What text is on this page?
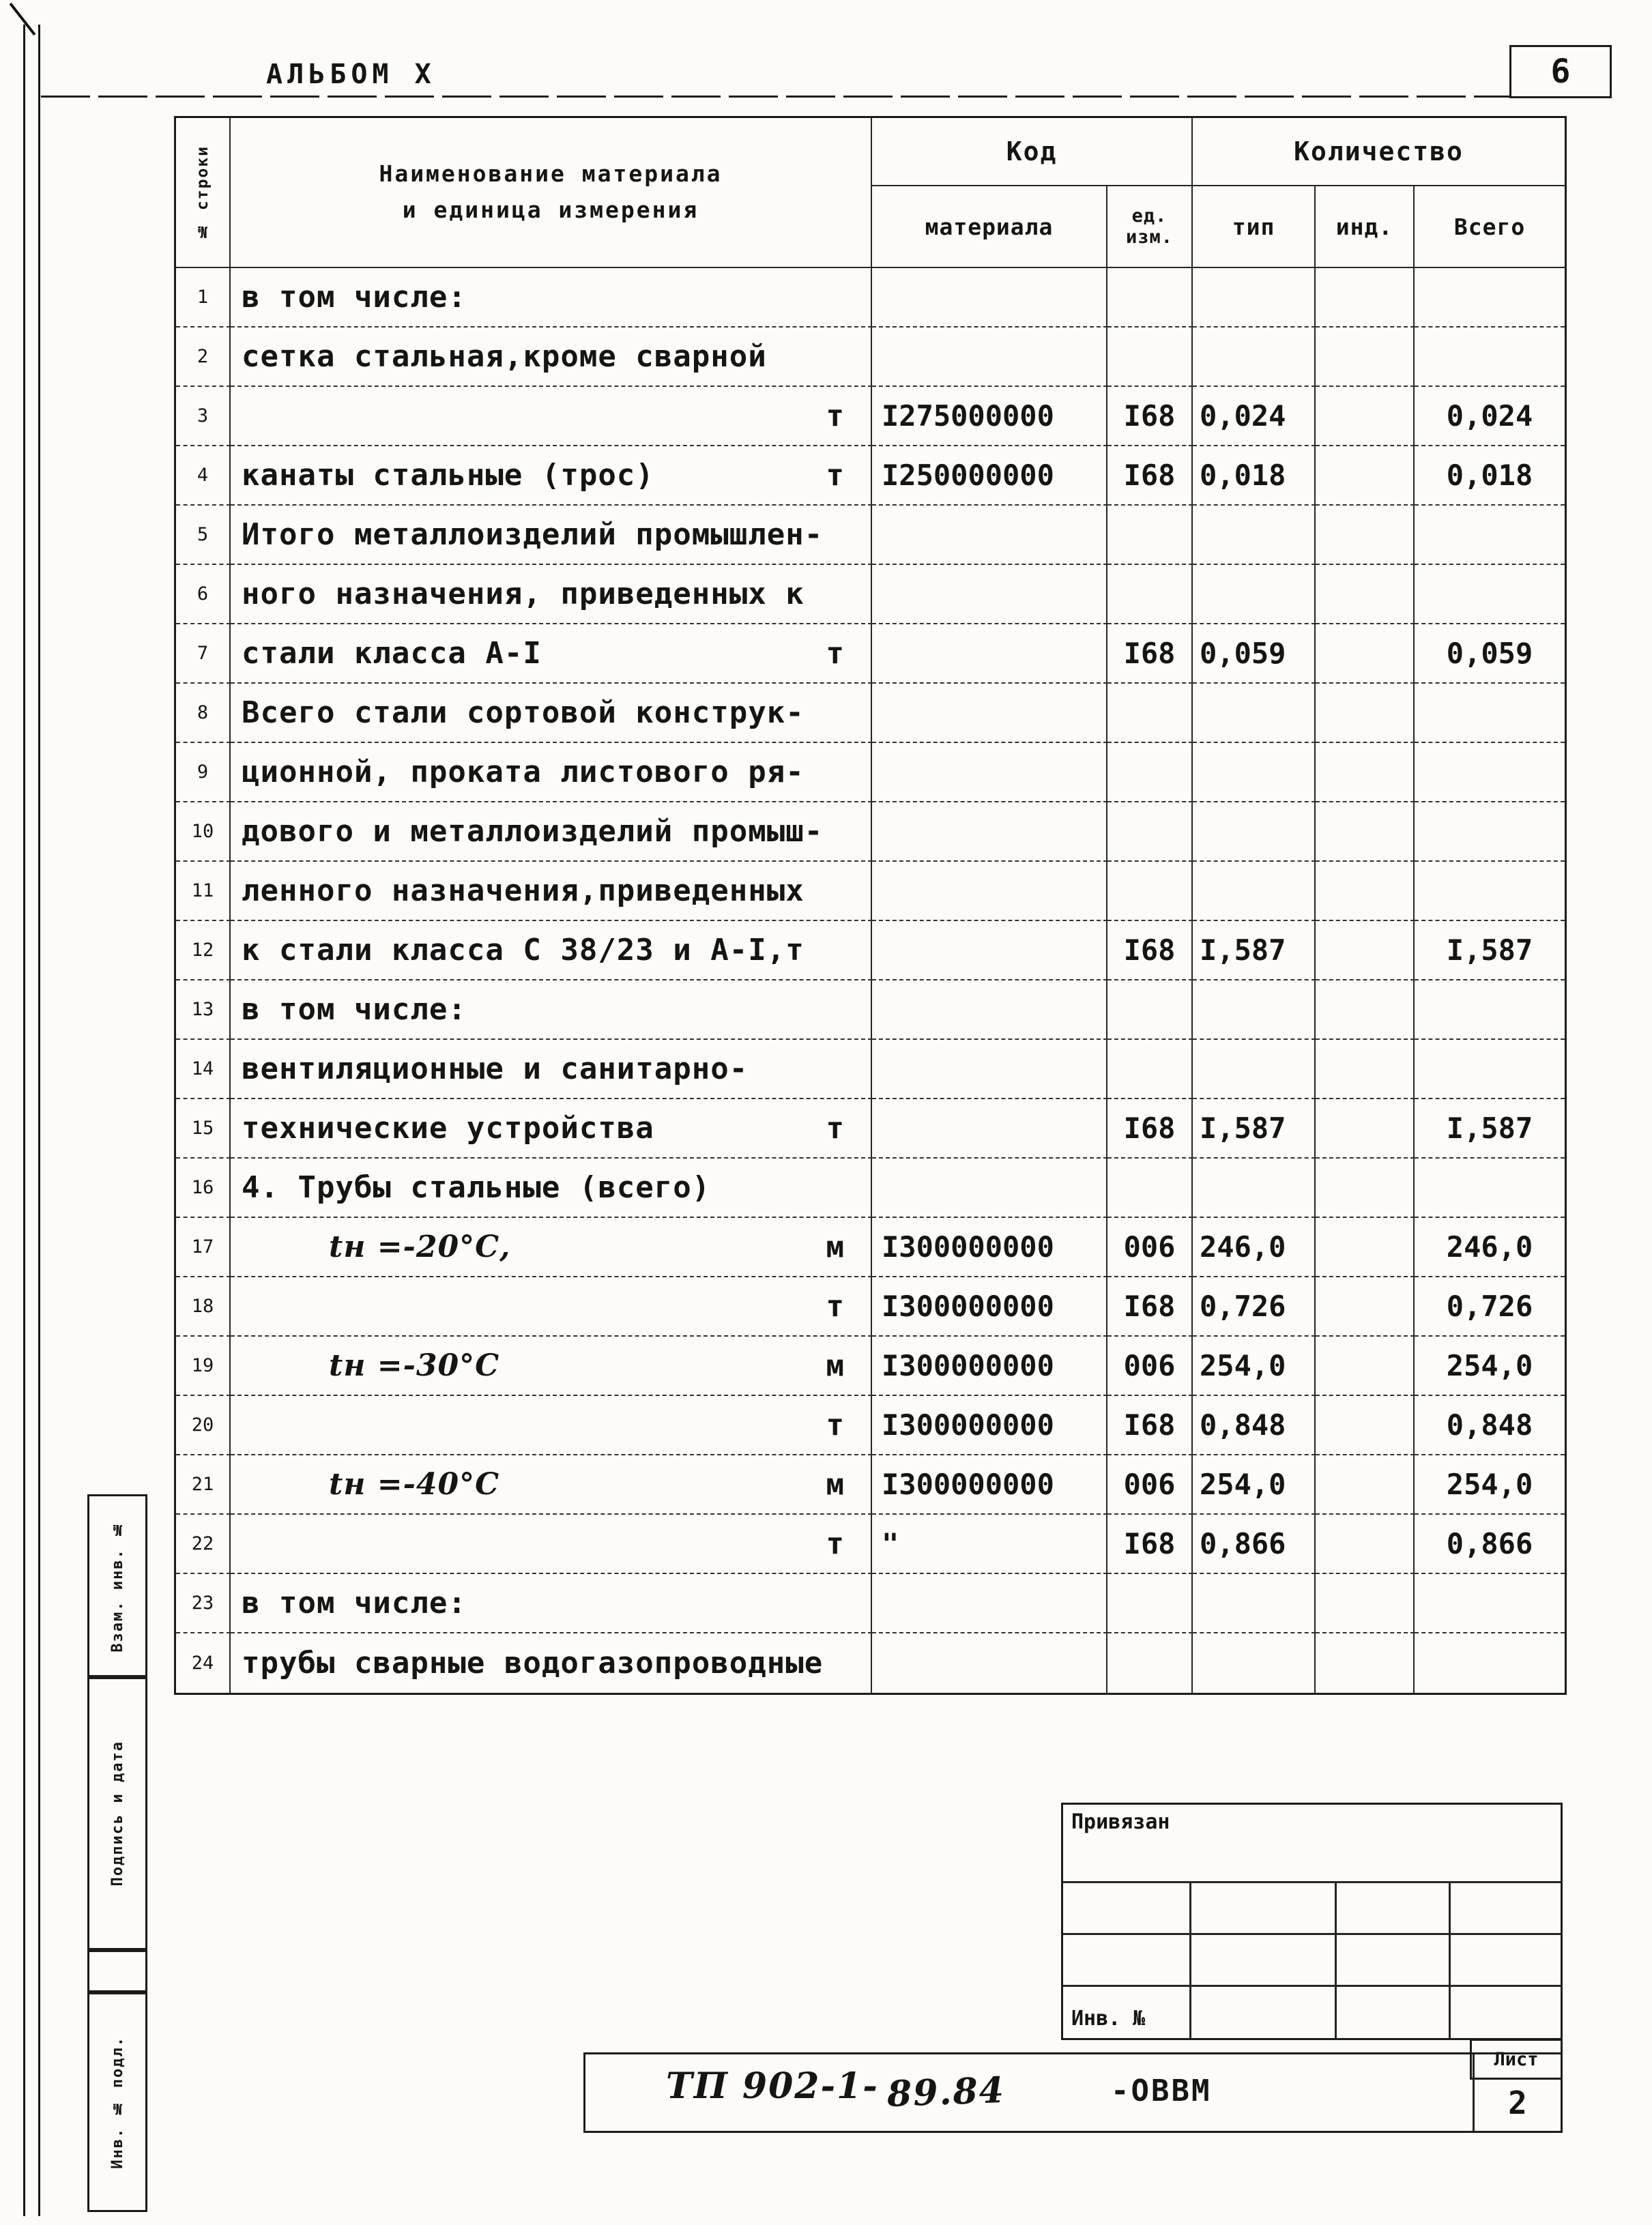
АЛЬБОМ X	6
№ строки	Наименование материала
и единица измерения	Код		Количество		
		материала	ед.
изм.	тип	инд.	Всего
1	в том числе:					
2	сетка стальная,кроме сварной					
3	т	I275000000	I68	0,024		0,024
4	канаты стальные (трос) т	I250000000	I68	0,018		0,018
5	Итого металлоизделий промышлен-					
6	ного назначения, приведенных к					
7	стали класса А-I т		I68	0,059		0,059
8	Всего стали сортовой конструк-					
9	ционной, проката листового ря-					
10	дового и металлоизделий промыш-					
11	ленного назначения,приведенных					
12	к стали класса С 38/23 и А-I,т		I68	I,587		I,587
13	в том числе:					
14	вентиляционные и санитарно-					
15	технические устройства т		I68	I,587		I,587
16	4. Трубы стальные (всего)					
17	tн =-20°С, м	I300000000	006	246,0		246,0
18	т	I300000000	I68	0,726		0,726
19	tн =-30°С м	I300000000	006	254,0		254,0
20	т	I300000000	I68	0,848		0,848
21	tн =-40°С м	I300000000	006	254,0		254,0
22	т	"	I68	0,866		0,866
23	в том числе:					
24	трубы сварные водогазопроводные					
Взам. инв. №
Подпись и дата
Инв. № подл.
Привязан
Инв. №
Лист
ТП 902-1- 89.84	-ОВВМ	2
